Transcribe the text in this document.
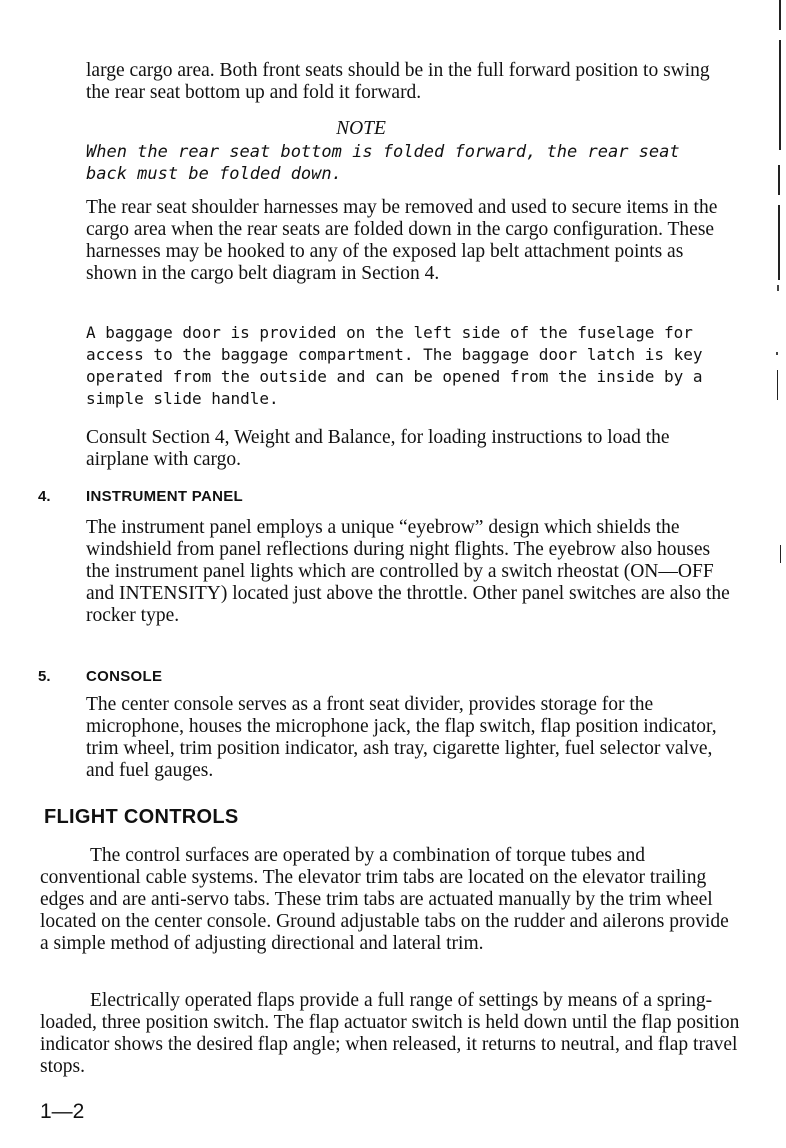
large cargo area. Both front seats should be in the full forward position to swing the rear seat bottom up and fold it forward.

NOTE

When the rear seat bottom is folded forward, the rear seat back must be folded down.

The rear seat shoulder harnesses may be removed and used to secure items in the cargo area when the rear seats are folded down in the cargo configuration. These harnesses may be hooked to any of the exposed lap belt attachment points as shown in the cargo belt diagram in Section 4.

A baggage door is provided on the left side of the fuselage for access to the baggage compartment. The baggage door latch is key operated from the outside and can be opened from the inside by a simple slide handle.

Consult Section 4, Weight and Balance, for loading instructions to load the airplane with cargo.

4. INSTRUMENT PANEL

The instrument panel employs a unique “eyebrow” design which shields the windshield from panel reflections during night flights. The eyebrow also houses the instrument panel lights which are controlled by a switch rheostat (ON—OFF and INTENSITY) located just above the throttle. Other panel switches are also the rocker type.

5. CONSOLE

The center console serves as a front seat divider, provides storage for the microphone, houses the microphone jack, the flap switch, flap position indicator, trim wheel, trim position indicator, ash tray, cigarette lighter, fuel selector valve, and fuel gauges.

FLIGHT CONTROLS

The control surfaces are operated by a combination of torque tubes and conventional cable systems. The elevator trim tabs are located on the elevator trailing edges and are anti-servo tabs. These trim tabs are actuated manually by the trim wheel located on the center console. Ground adjustable tabs on the rudder and ailerons provide a simple method of adjusting directional and lateral trim.

Electrically operated flaps provide a full range of settings by means of a spring-loaded, three position switch. The flap actuator switch is held down until the flap position indicator shows the desired flap angle; when released, it returns to neutral, and flap travel stops.

1—2
